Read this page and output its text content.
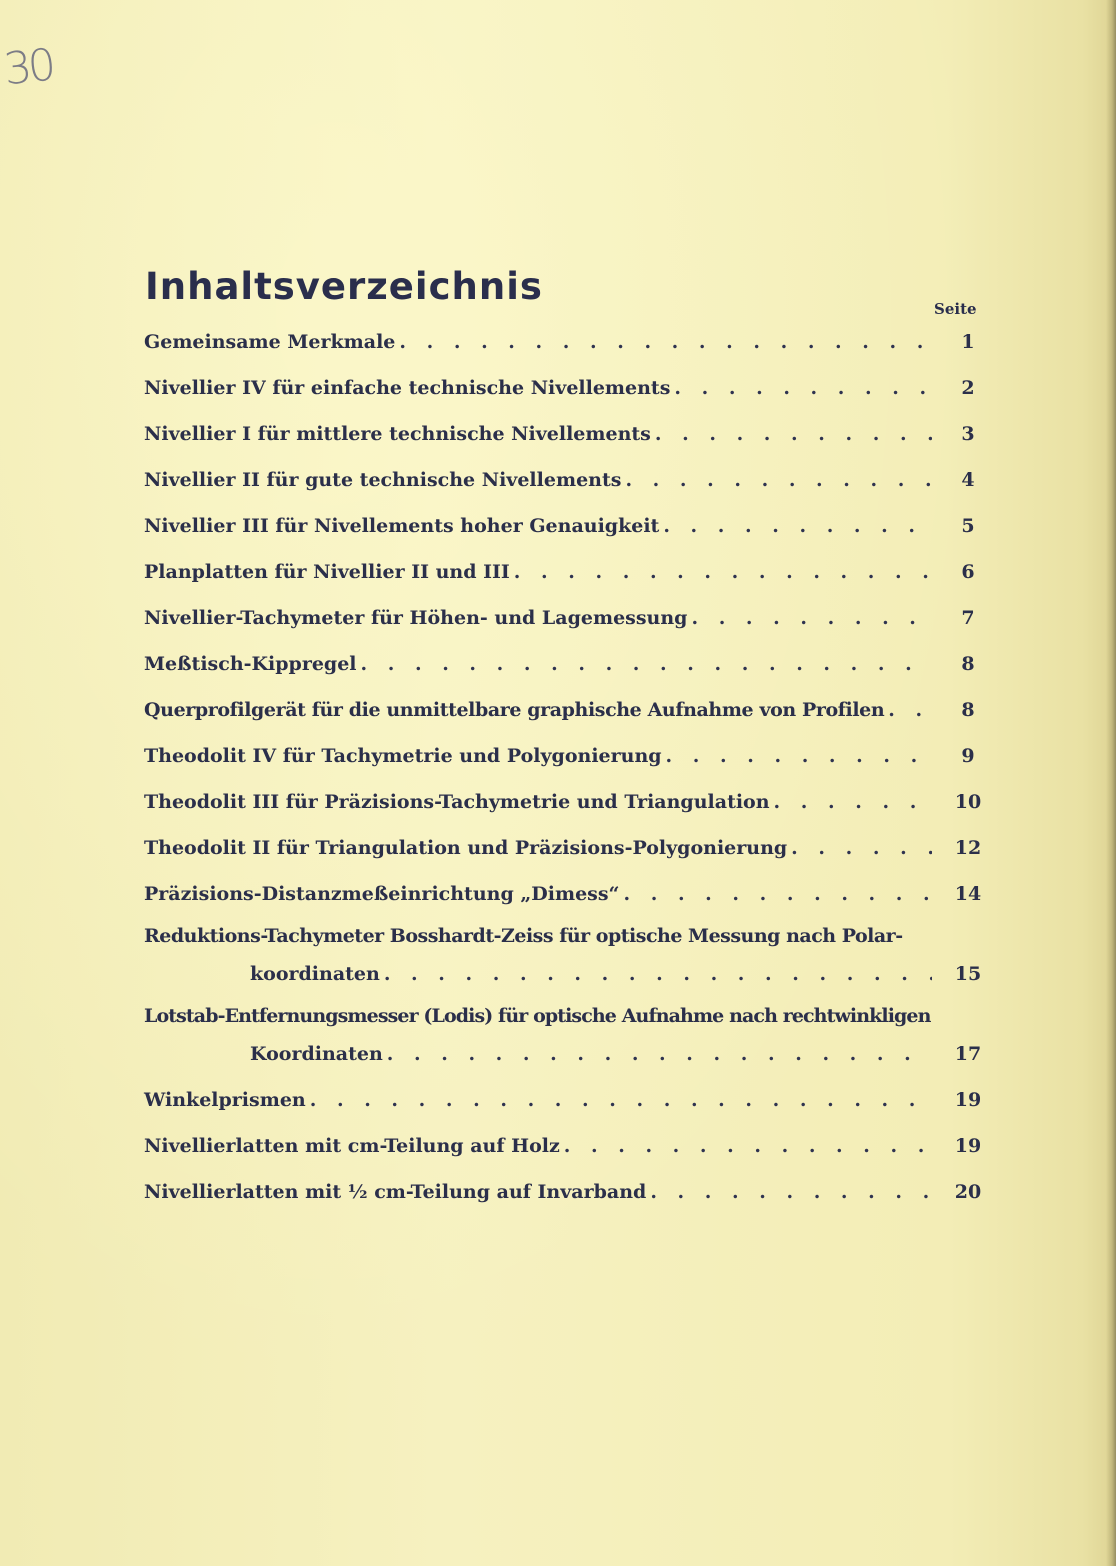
30
Inhaltsverzeichnis
Seite
Gemeinsame Merkmale . . .	1
Nivellier IV für einfache technische Nivellements . . .	2
Nivellier I für mittlere technische Nivellements . . .	3
Nivellier II für gute technische Nivellements . . .	4
Nivellier III für Nivellements hoher Genauigkeit . . .	5
Planplatten für Nivellier II und III . . .	6
Nivellier-Tachymeter für Höhen- und Lagemessung . . .	7
Meßtisch-Kippregel . . .	8
Querprofilgerät für die unmittelbare graphische Aufnahme von Profilen . . .	8
Theodolit IV für Tachymetrie und Polygonierung . . .	9
Theodolit III für Präzisions-Tachymetrie und Triangulation . . .	10
Theodolit II für Triangulation und Präzisions-Polygonierung . . .	12
Präzisions-Distanzmeßeinrichtung „Dimess“ . . .	14
Reduktions-Tachymeter Bosshardt-Zeiss für optische Messung nach Polar-
koordinaten . . .	15
Lotstab-Entfernungsmesser (Lodis) für optische Aufnahme nach rechtwinkligen
Koordinaten . . .	17
Winkelprismen . . .	19
Nivellierlatten mit cm-Teilung auf Holz . . .	19
Nivellierlatten mit ½ cm-Teilung auf Invarband . . .	20
